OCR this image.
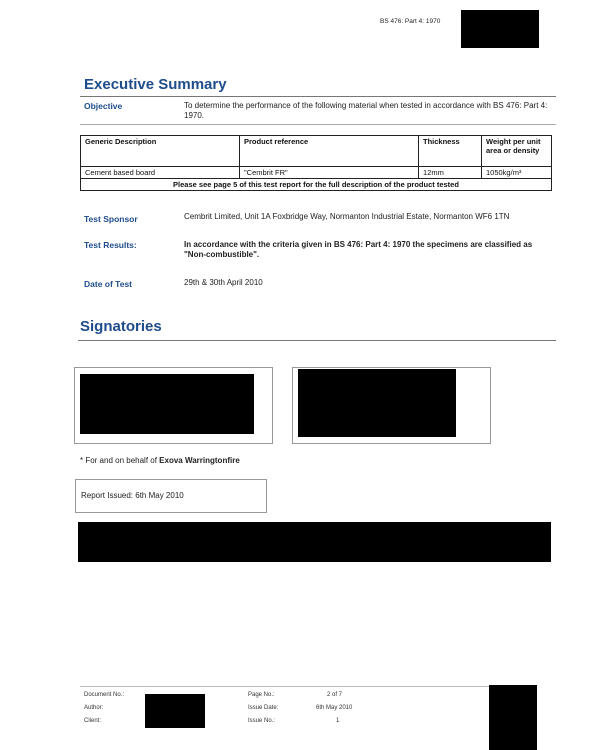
BS 476: Part 4: 1970
Executive Summary
Objective	To determine the performance of the following material when tested in accordance with BS 476: Part 4: 1970.
Generic Description	Product reference	Thickness	Weight per unit area or density
Cement based board	"Cembrit FR"	12mm	1050kg/m³
Please see page 5 of this test report for the full description of the product tested			
Test Sponsor	Cembrit Limited, Unit 1A Foxbridge Way, Normanton Industrial Estate, Normanton WF6 1TN
Test Results:	In accordance with the criteria given in BS 476: Part 4: 1970 the specimens are classified as "Non-combustible".
Date of Test	29th & 30th April 2010
Signatories
* For and on behalf of Exova Warringtonfire
Report Issued: 6th May 2010
Document No.:
Author:
Client:
Page No.:	2 of 7
Issue Date:	6th May 2010
Issue No.:	1
